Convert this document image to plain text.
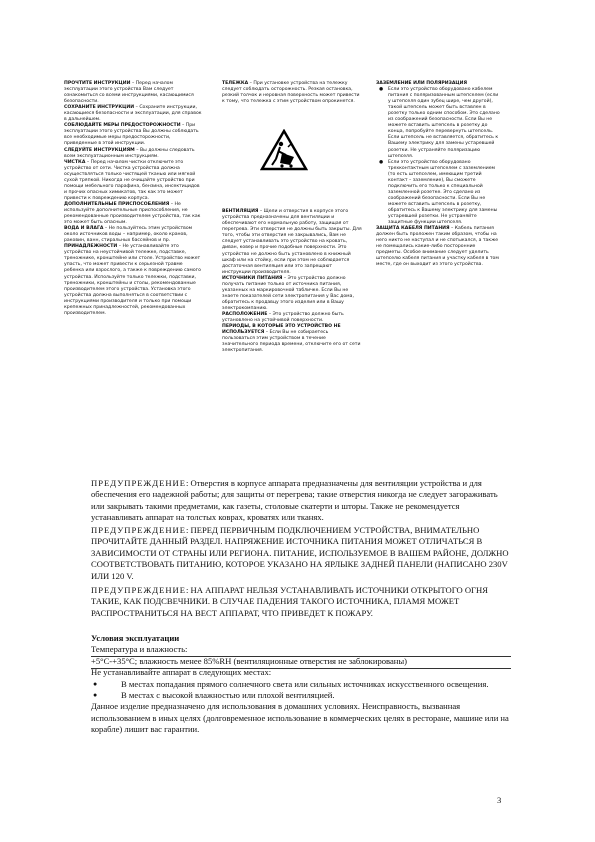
ПРОЧТИТЕ ИНСТРУКЦИИ – Перед началом эксплуатации этого устройства Вам следует ознакомиться со всеми инструкциями, касающимися безопасности.
СОХРАНИТЕ ИНСТРУКЦИИ – Сохраните инструкции, касающиеся безопасности и эксплуатации, для справок в дальнейшем.
СОБЛЮДАЙТЕ МЕРЫ ПРЕДОСТОРОЖНОСТИ – При эксплуатации этого устройства Вы должны соблюдать все необходимые меры предосторожности, приведенные в этой инструкции.
СЛЕДУЙТЕ ИНСТРУКЦИЯМ – Вы должны следовать всем эксплуатационным инструкциям.
ЧИСТКА – Перед началом чистки отключите это устройство от сети. Чистка устройства должна осуществляться только чистящей тканью или мягкой сухой тряпкой. Никогда не очищайте устройство при помощи мебельного парафина, бензина, инсектицидов и прочих опасных химикатов, так как это может привести к повреждению корпуса.
ДОПОЛНИТЕЛЬНЫЕ ПРИСПОСОБЛЕНИЯ – Не используйте дополнительные приспособления, не рекомендованные производителем устройства, так как это может быть опасным.
ВОДА И ВЛАГА – Не пользуйтесь этим устройством около источников воды – например, около кранов, раковин, ванн, стиральных бассейнов и пр.
ПРИНАДЛЕЖНОСТИ – Не устанавливайте это устройство на неустойчивой тележке, подставке, треножнике, кронштейне или столе. Устройство может упасть, что может привести к серьезной травме ребенка или взрослого, а также к повреждению самого устройства. Используйте только тележки, подставки, треножники, кронштейны и столы, рекомендованные производителем этого устройства. Установка этого устройства должна выполняться в соответствии с инструкциями производителя и только при помощи крепежных принадлежностей, рекомендованных производителем.
ТЕЛЕЖКА – При установке устройства на тележку следует соблюдать осторожность. Резкая остановка, резкий толчок и неровная поверхность может привести к тому, что тележка с этим устройством опрокинется.
ВЕНТИЛЯЦИЯ – Щели и отверстия в корпусе этого устройства предназначены для вентиляции и обеспечивают его нормальную работу, защищая от перегрева. Эти отверстия не должны быть закрыты. Для того, чтобы эти отверстия не закрывались, Вам не следует устанавливать это устройство на кровать, диван, ковер и прочие подобные поверхности. Это устройство не должно быть установлено в книжный шкаф или на стойку, если при этом не соблюдается достаточная вентиляция или это запрещают инструкции производителя.
ИСТОЧНИКИ ПИТАНИЯ – Это устройство должно получать питание только от источника питания, указанных на маркировочной табличке. Если Вы не знаете показателей сети электропитания у Вас дома, обратитесь к продавцу этого изделия или в Вашу электрокомпанию.
РАСПОЛОЖЕНИЕ – Это устройство должно быть установлено на устойчивой поверхности.
ПЕРИОДЫ, В КОТОРЫЕ ЭТО УСТРОЙСТВО НЕ ИСПОЛЬЗУЕТСЯ – Если Вы не собираетесь пользоваться этим устройством в течение значительного периода времени, отключите его от сети электропитания.
ЗАЗЕМЛЕНИЕ ИЛИ ПОЛЯРИЗАЦИЯ
● Если это устройство оборудовано кабелем питания с поляризованным штепселем (если у штепселя один зубец шире, чем другой), такой штепсель может быть вставлен в розетку только одним способом. Это сделано из соображений безопасности. Если Вы не можете вставить штепсель в розетку до конца, попробуйте перевернуть штепсель. Если штепсель не вставляется, обратитесь к Вашему электрику для замены устаревшей розетки. Не устраняйте поляризацию штепселя.
● Если это устройство оборудовано трехконтактным штепселем с заземлением (то есть штепселем, имеющим третий контакт – заземление), Вы сможете подключить его только к специальной заземленной розетке. Это сделано из соображений безопасности. Если Вы не можете вставить штепсель в розетку, обратитесь к Вашему электрику для замены устаревшей розетки. Не устраняйте защитные функции штепселя.
ЗАЩИТА КАБЕЛЯ ПИТАНИЯ – Кабель питания должен быть проложен таким образом, чтобы на него никто не наступал и не спотыкался, а также не помещались какие-либо посторонние предметы. Особое внимание следует уделить штепселю кабеля питания и участку кабеля в том месте, где он выходит из этого устройства.
ПРЕДУПРЕЖДЕНИЕ: Отверстия в корпусе аппарата предназначены для вентиляции устройства и для обеспечения его надежной работы; для защиты от перегрева; такие отверстия никогда не следует загораживать или закрывать такими предметами, как газеты, столовые скатерти и шторы. Также не рекомендуется устанавливать аппарат на толстых коврах, кроватях или тканях.
ПРЕДУПРЕЖДЕНИЕ: ПЕРЕД ПЕРВИЧНЫМ ПОДКЛЮЧЕНИЕМ УСТРОЙСТВА, ВНИМАТЕЛЬНО ПРОЧИТАЙТЕ ДАННЫЙ РАЗДЕЛ. НАПРЯЖЕНИЕ ИСТОЧНИКА ПИТАНИЯ МОЖЕТ ОТЛИЧАТЬСЯ В ЗАВИСИМОСТИ ОТ СТРАНЫ ИЛИ РЕГИОНА. ПИТАНИЕ, ИСПОЛЬЗУЕМОЕ В ВАШЕМ РАЙОНЕ, ДОЛЖНО СООТВЕТСТВОВАТЬ ПИТАНИЮ, КОТОРОЕ УКАЗАНО НА ЯРЛЫКЕ ЗАДНЕЙ ПАНЕЛИ (НАПИСАНО 230V ИЛИ 120 V.
ПРЕДУПРЕЖДЕНИЕ: НА АППАРАТ НЕЛЬЗЯ УСТАНАВЛИВАТЬ ИСТОЧНИКИ ОТКРЫТОГО ОГНЯ ТАКИЕ, КАК ПОДСВЕЧНИКИ. В СЛУЧАЕ ПАДЕНИЯ ТАКОГО ИСТОЧНИКА, ПЛАМЯ МОЖЕТ РАСПРОСТРАНИТЬСЯ НА ВЕСТ АППАРАТ, ЧТО ПРИВЕДЕТ К ПОЖАРУ.
Условия эксплуатации
Температура и влажность:
+5°C-+35°C; влажность менее 85%RH (вентиляционные отверстия не заблокированы)
Не устанавливайте аппарат в следующих местах:
● В местах попадания прямого солнечного света или сильных источниках искусственного освещения.
● В местах с высокой влажностью или плохой вентиляцией.
Данное изделие предназначено для использования в домашних условиях. Неисправность, вызванная использованием в иных целях (долговременное использование в коммерческих целях в ресторане, машине или на корабле) лишит вас гарантии.
3
